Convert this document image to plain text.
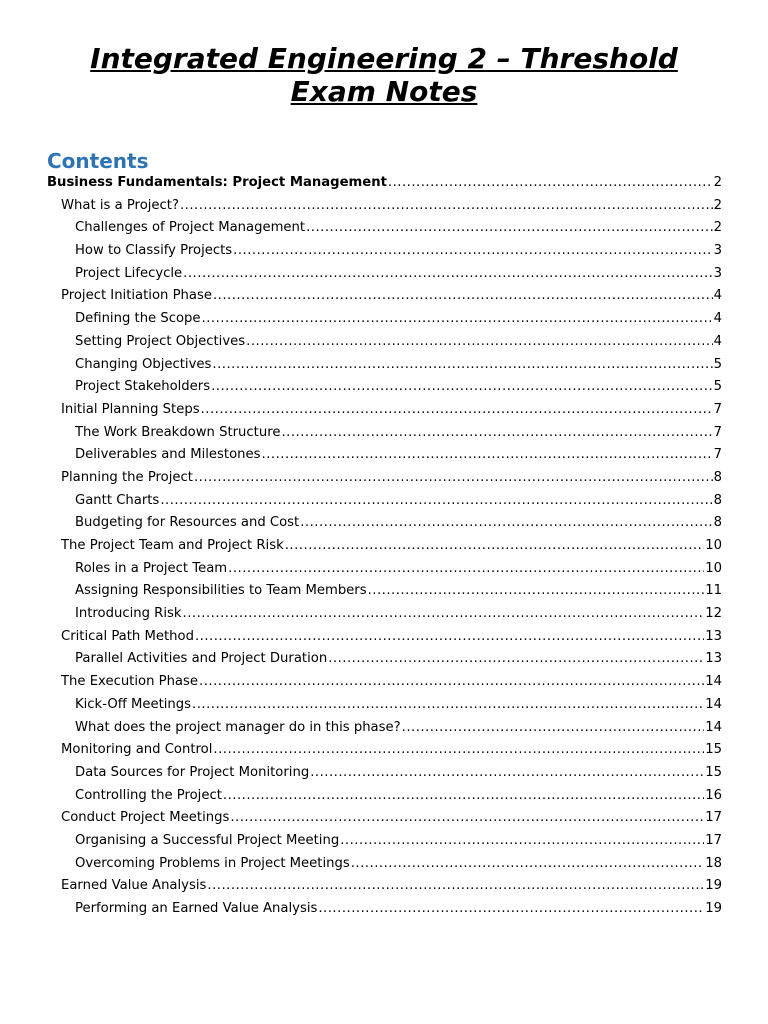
Integrated Engineering 2 – Threshold Exam Notes
Contents
Business Fundamentals: Project Management .....	2
What is a Project? .....	2
Challenges of Project Management .....	2
How to Classify Projects .....	3
Project Lifecycle .....	3
Project Initiation Phase .....	4
Defining the Scope .....	4
Setting Project Objectives .....	4
Changing Objectives .....	5
Project Stakeholders .....	5
Initial Planning Steps .....	7
The Work Breakdown Structure .....	7
Deliverables and Milestones .....	7
Planning the Project .....	8
Gantt Charts .....	8
Budgeting for Resources and Cost .....	8
The Project Team and Project Risk .....	10
Roles in a Project Team .....	10
Assigning Responsibilities to Team Members .....	11
Introducing Risk .....	12
Critical Path Method .....	13
Parallel Activities and Project Duration .....	13
The Execution Phase .....	14
Kick-Off Meetings .....	14
What does the project manager do in this phase? .....	14
Monitoring and Control .....	15
Data Sources for Project Monitoring .....	15
Controlling the Project .....	16
Conduct Project Meetings .....	17
Organising a Successful Project Meeting .....	17
Overcoming Problems in Project Meetings .....	18
Earned Value Analysis .....	19
Performing an Earned Value Analysis .....	19
